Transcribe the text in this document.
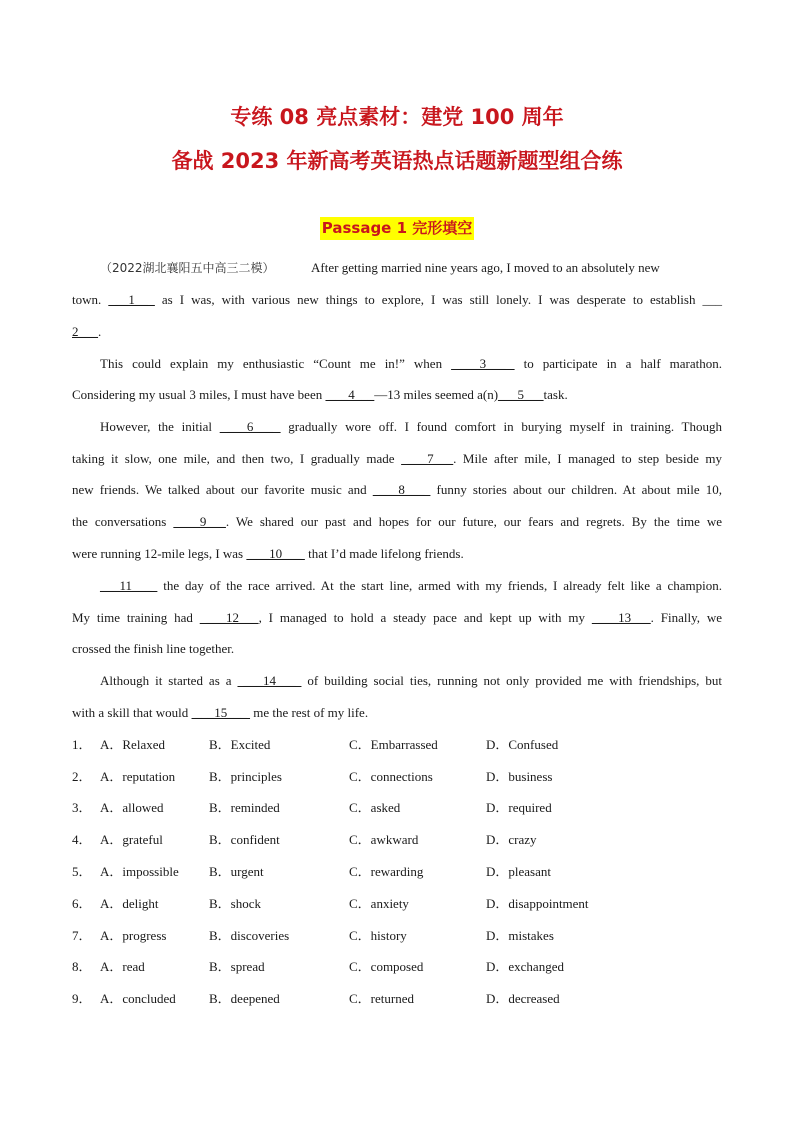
专练 08 亮点素材：建党 100 周年
备战 2023 年新高考英语热点话题新题型组合练
Passage 1 完形填空
（2022湖北襄阳五中高三二模）	After getting married nine years ago, I moved to an absolutely new
town.  __1__  as I was, with various new things to explore, I was still lonely. I was desperate to establish ___
2___.
This could explain my enthusiastic “Count me in!” when  ___3___  to participate in a half marathon.
Considering my usual 3 miles, I must have been  ___4___—13 miles seemed a(n)___5___task.
However, the initial  ___6___  gradually wore off. I found comfort in burying myself in training. Though
taking it slow, one mile, and then two, I gradually made  ___7___. Mile after mile, I managed to step beside my
new friends. We talked about our favorite music and  ___8___  funny stories about our children. At about mile 10,
the conversations  ___9___. We shared our past and hopes for our future, our fears and regrets. By the time we
were running 12-mile legs, I was  ___10___  that I’d made lifelong friends.
___11___  the day of the race arrived. At the start line, armed with my friends, I already felt like a champion.
My time training had  ___12___, I managed to hold a steady pace and kept up with my  ___13___. Finally, we
crossed the finish line together.
Although it started as a  ___14___  of building social ties, running not only provided me with friendships, but
with a skill that would  ___15___  me the rest of my life.
1． A．Relaxed	B．Excited	C．Embarrassed	D．Confused
2． A．reputation	B．principles	C．connections	D．business
3． A．allowed	B．reminded	C．asked	D．required
4． A．grateful	B．confident	C．awkward	D．crazy
5． A．impossible B．urgent	C．rewarding	D．pleasant
6． A．delight	B．shock	C．anxiety	D．disappointment
7． A．progress	B．discoveries	C．history	D．mistakes
8． A．read	B．spread	C．composed	D．exchanged
9． A．concluded	B．deepened	C．returned	D．decreased
